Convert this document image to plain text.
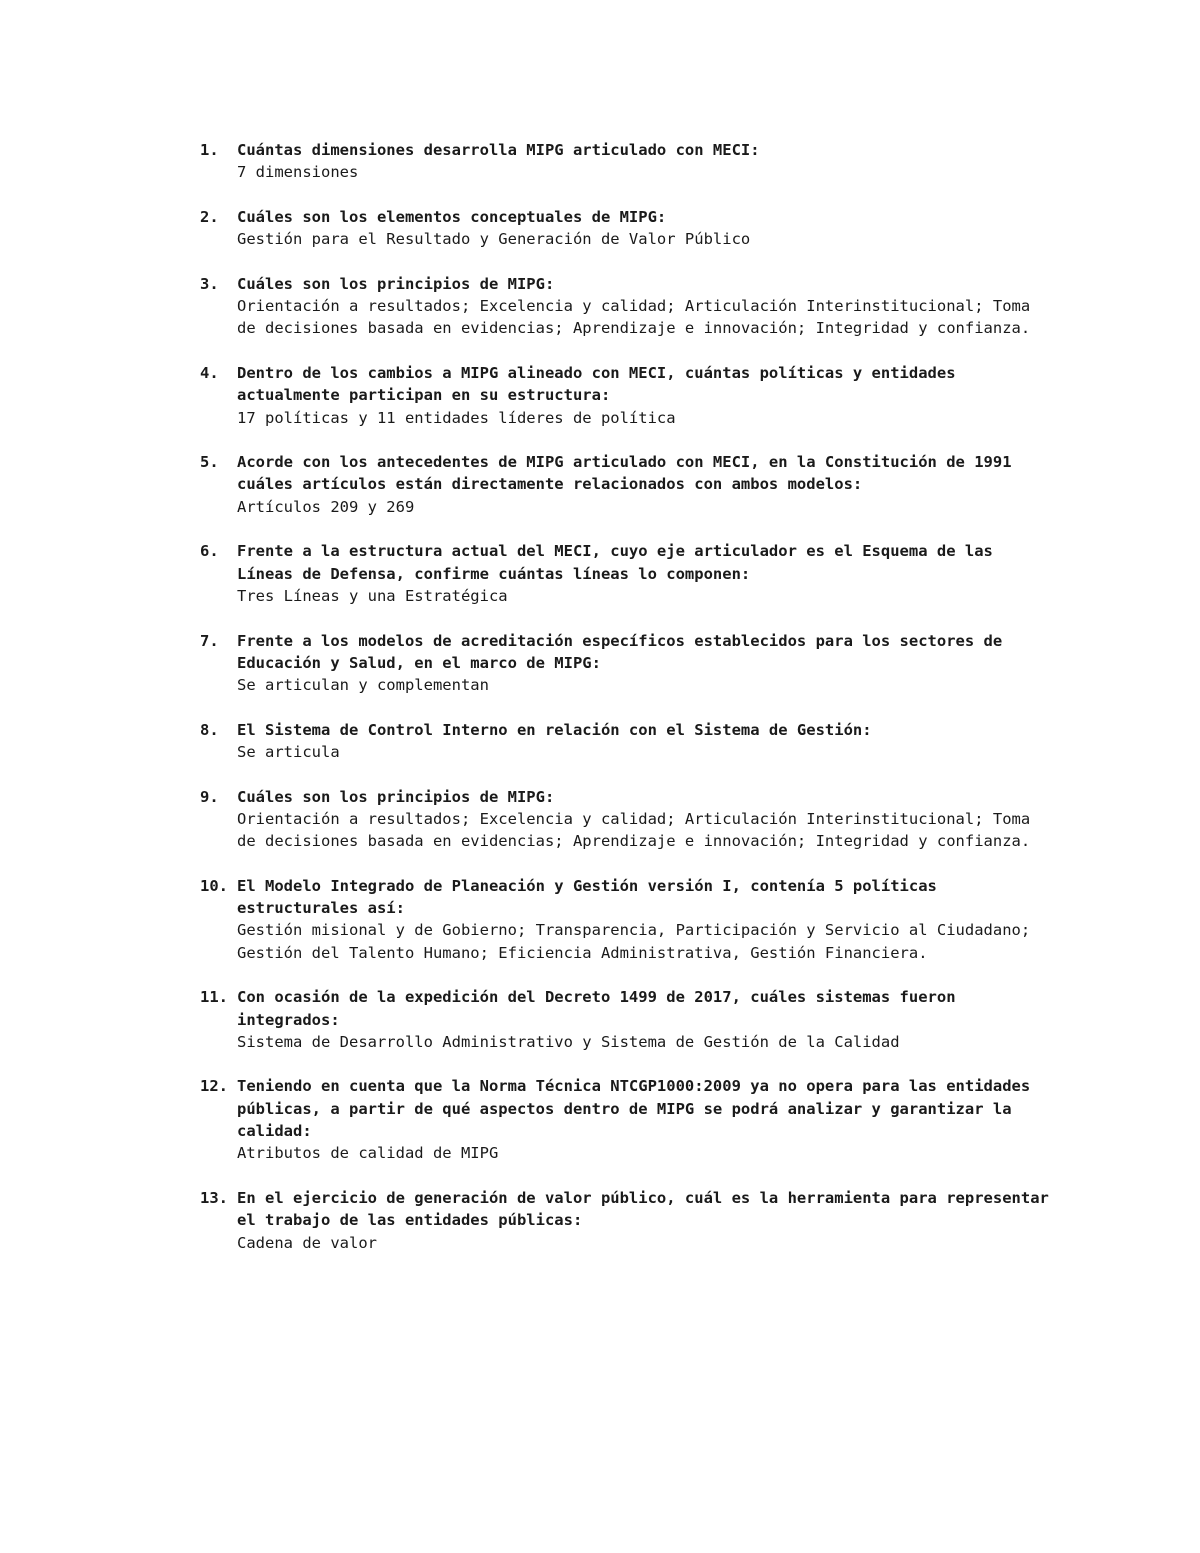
1. Cuántas dimensiones desarrolla MIPG articulado con MECI:
7 dimensiones
2. Cuáles son los elementos conceptuales de MIPG:
Gestión para el Resultado y Generación de Valor Público
3. Cuáles son los principios de MIPG:
Orientación a resultados; Excelencia y calidad; Articulación Interinstitucional; Toma de decisiones basada en evidencias; Aprendizaje e innovación; Integridad y confianza.
4. Dentro de los cambios a MIPG alineado con MECI, cuántas políticas y entidades actualmente participan en su estructura:
17 políticas y 11 entidades líderes de política
5. Acorde con los antecedentes de MIPG articulado con MECI, en la Constitución de 1991 cuáles artículos están directamente relacionados con ambos modelos:
Artículos 209 y 269
6. Frente a la estructura actual del MECI, cuyo eje articulador es el Esquema de las Líneas de Defensa, confirme cuántas líneas lo componen:
Tres Líneas y una Estratégica
7. Frente a los modelos de acreditación específicos establecidos para los sectores de Educación y Salud, en el marco de MIPG:
Se articulan y complementan
8. El Sistema de Control Interno en relación con el Sistema de Gestión:
Se articula
9. Cuáles son los principios de MIPG:
Orientación a resultados; Excelencia y calidad; Articulación Interinstitucional; Toma de decisiones basada en evidencias; Aprendizaje e innovación; Integridad y confianza.
10. El Modelo Integrado de Planeación y Gestión versión I, contenía 5 políticas estructurales así:
Gestión misional y de Gobierno; Transparencia, Participación y Servicio al Ciudadano; Gestión del Talento Humano; Eficiencia Administrativa, Gestión Financiera.
11. Con ocasión de la expedición del Decreto 1499 de 2017, cuáles sistemas fueron integrados:
Sistema de Desarrollo Administrativo y Sistema de Gestión de la Calidad
12. Teniendo en cuenta que la Norma Técnica NTCGP1000:2009 ya no opera para las entidades públicas, a partir de qué aspectos dentro de MIPG se podrá analizar y garantizar la calidad:
Atributos de calidad de MIPG
13. En el ejercicio de generación de valor público, cuál es la herramienta para representar el trabajo de las entidades públicas:
Cadena de valor
